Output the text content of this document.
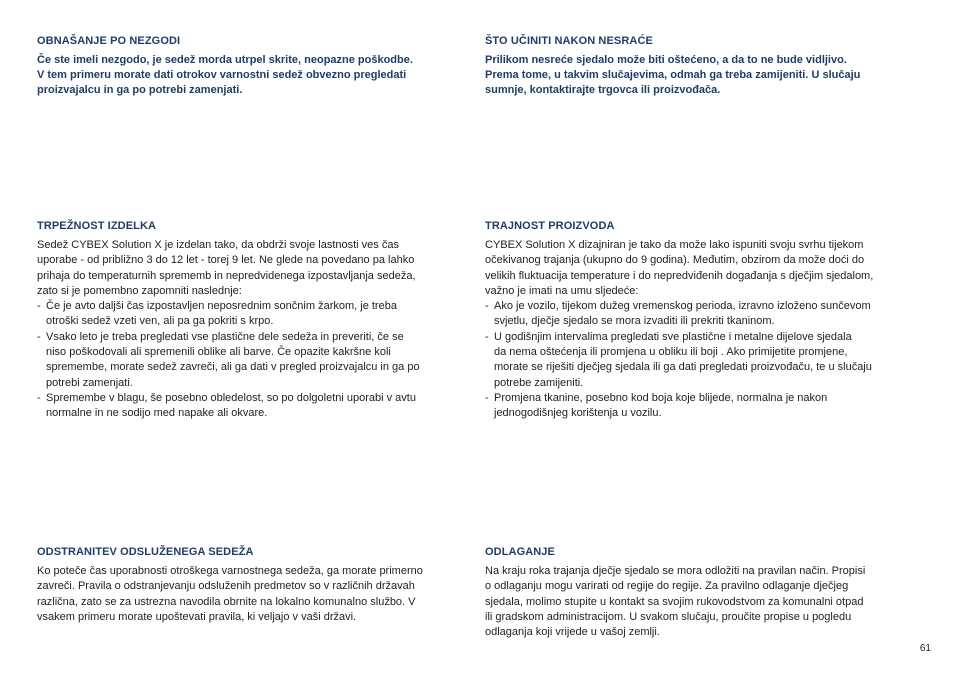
OBNAŠANJE PO NEZGODI

Če ste imeli nezgodo, je sedež morda utrpel skrite, neopazne poškodbe.
V tem primeru morate dati otrokov varnostni sedež obvezno pregledati
proizvajalcu in ga po potrebi zamenjati.

TRPEŽNOST IZDELKA

Sedež CYBEX Solution X je izdelan tako, da obdrži svoje lastnosti ves čas
uporabe - od približno 3 do 12 let - torej 9 let. Ne glede na povedano pa lahko
prihaja do temperaturnih sprememb in nepredvidenega izpostavljanja sedeža,
zato si je pomembno zapomniti naslednje:

- Če je avto daljši čas izpostavljen neposrednim sončnim žarkom, je treba
otroški sedež vzeti ven, ali pa ga pokriti s krpo.
- Vsako leto je treba pregledati vse plastične dele sedeža in preveriti, če se
niso poškodovali ali spremenili oblike ali barve. Če opazite kakršne koli
spremembe, morate sedež zavreči, ali ga dati v pregled proizvajalcu in ga po
potrebi zamenjati.
- Spremembe v blagu, še posebno obledelost, so po dolgoletni uporabi v avtu
normalne in ne sodijo med napake ali okvare.

ODSTRANITEV ODSLUŽENEGA SEDEŽA

Ko poteče čas uporabnosti otroškega varnostnega sedeža, ga morate primerno
zavreči. Pravila o odstranjevanju odsluženih predmetov so v različnih državah
različna, zato se za ustrezna navodila obrnite na lokalno komunalno službo. V
vsakem primeru morate upoštevati pravila, ki veljajo v vaši državi.

ŠTO UČINITI NAKON NESRAĆE

Prilikom nesreće sjedalo može biti oštećeno, a da to ne bude vidljivo.
Prema tome, u takvim slučajevima, odmah ga treba zamijeniti. U slučaju
sumnje, kontaktirajte trgovca ili proizvođača.

TRAJNOST PROIZVODA

CYBEX Solution X dizajniran je tako da može lako ispuniti svoju svrhu tijekom
očekivanog trajanja (ukupno do 9 godina). Međutim, obzirom da može doći do
velikih fluktuacija temperature i do nepredviđenih događanja s dječjim sjedalom,
važno je imati na umu sljedeće:

- Ako je vozilo, tijekom dužeg vremenskog perioda, izravno izloženo sunčevom
svjetlu, dječje sjedalo se mora izvaditi ili prekriti tkaninom.
- U godišnjim intervalima pregledati sve plastične i metalne dijelove sjedala
da nema oštećenja ili promjena u obliku ili boji . Ako primijetite promjene,
morate se riješiti dječjeg sjedala ili ga dati pregledati proizvođaču, te u slučaju
potrebe zamijeniti.
- Promjena tkanine, posebno kod boja koje blijede, normalna je nakon
jednogodišnjeg korištenja u vozilu.

ODLAGANJE

Na kraju roka trajanja dječje sjedalo se mora odložiti na pravilan način. Propisi
o odlaganju mogu varirati od regije do regije. Za pravilno odlaganje dječjeg
sjedala, molimo stupite u kontakt sa svojim rukovodstvom za komunalni otpad
ili gradskom administracijom. U svakom slučaju, proučite propise u pogledu
odlaganja koji vrijede u vašoj zemlji.

61
